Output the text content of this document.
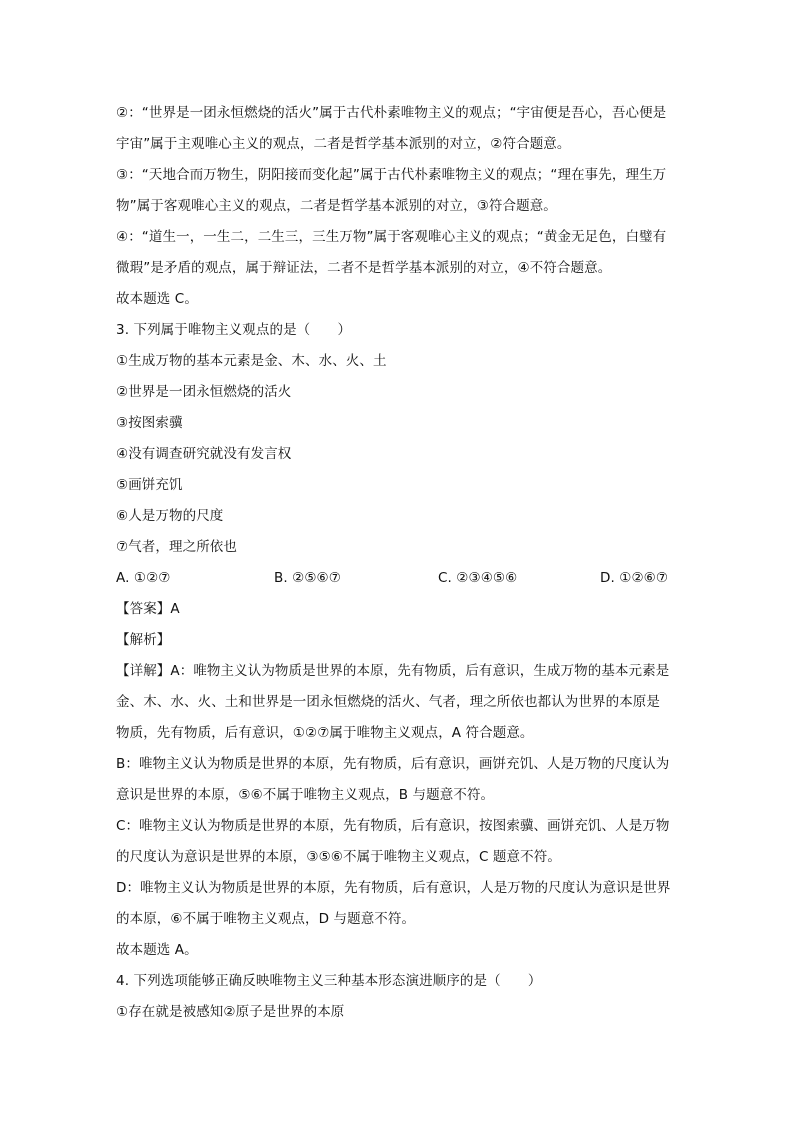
②：“世界是一团永恒燃烧的活火”属于古代朴素唯物主义的观点；“宇宙便是吾心，吾心便是
宇宙”属于主观唯心主义的观点，二者是哲学基本派别的对立，②符合题意。
③：“天地合而万物生，阴阳接而变化起”属于古代朴素唯物主义的观点；“理在事先，理生万
物”属于客观唯心主义的观点，二者是哲学基本派别的对立，③符合题意。
④：“道生一，一生二，二生三，三生万物”属于客观唯心主义的观点；“黄金无足色，白璧有
微瑕”是矛盾的观点，属于辩证法，二者不是哲学基本派别的对立，④不符合题意。
故本题选 C。
3. 下列属于唯物主义观点的是（　　）
①生成万物的基本元素是金、木、水、火、土
②世界是一团永恒燃烧的活火
③按图索骥
④没有调查研究就没有发言权
⑤画饼充饥
⑥人是万物的尺度
⑦气者，理之所依也
A. ①②⑦	B. ②⑤⑥⑦	C. ②③④⑤⑥	D. ①②⑥⑦
【答案】A
【解析】
【详解】A：唯物主义认为物质是世界的本原，先有物质，后有意识，生成万物的基本元素是
金、木、水、火、土和世界是一团永恒燃烧的活火、气者，理之所依也都认为世界的本原是
物质，先有物质，后有意识，①②⑦属于唯物主义观点，A 符合题意。
B：唯物主义认为物质是世界的本原，先有物质，后有意识，画饼充饥、人是万物的尺度认为
意识是世界的本原，⑤⑥不属于唯物主义观点，B 与题意不符。
C：唯物主义认为物质是世界的本原，先有物质，后有意识，按图索骥、画饼充饥、人是万物
的尺度认为意识是世界的本原，③⑤⑥不属于唯物主义观点，C 题意不符。
D：唯物主义认为物质是世界的本原，先有物质，后有意识，人是万物的尺度认为意识是世界
的本原，⑥不属于唯物主义观点，D 与题意不符。
故本题选 A。
4. 下列选项能够正确反映唯物主义三种基本形态演进顺序的是（　　）
①存在就是被感知②原子是世界的本原
